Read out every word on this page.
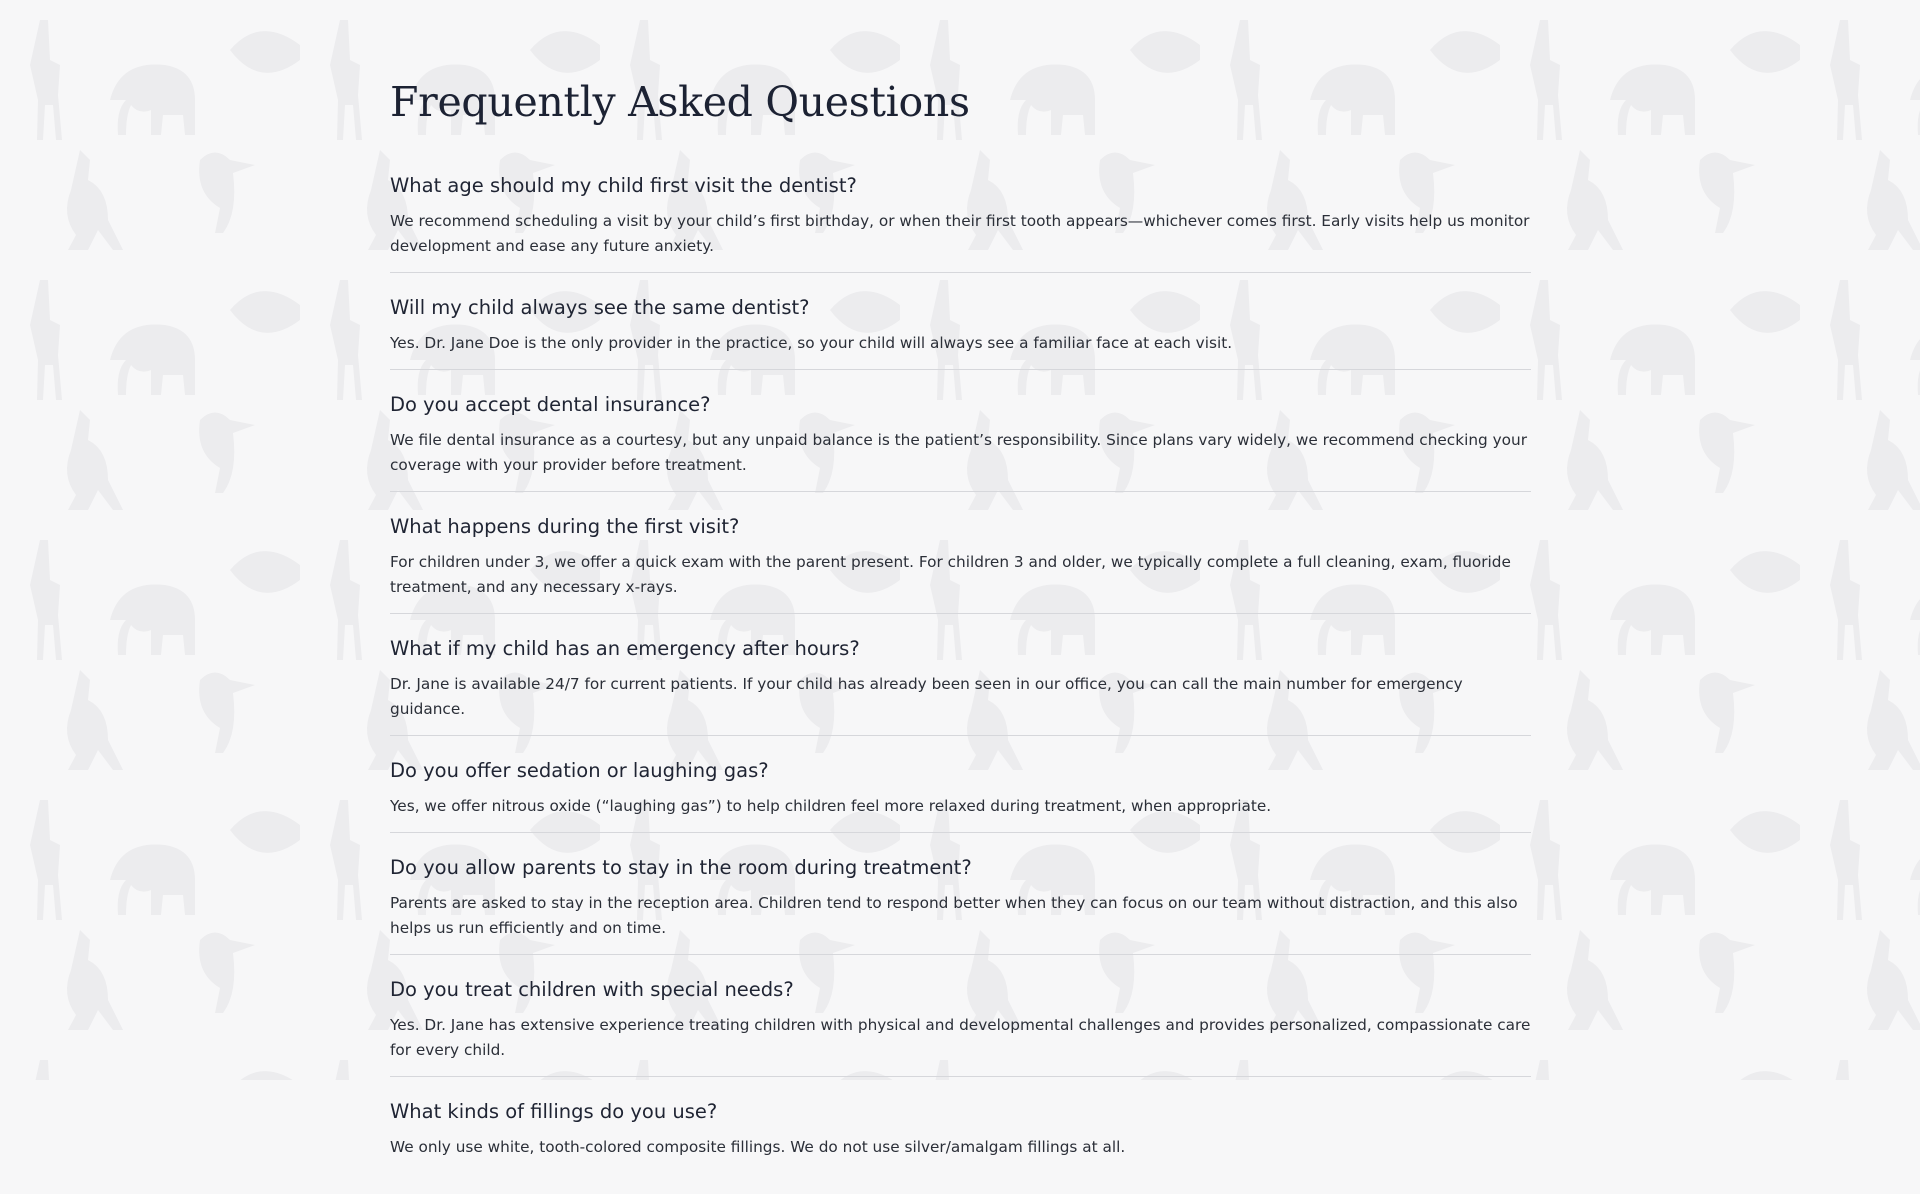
Frequently Asked Questions
What age should my child first visit the dentist?

We recommend scheduling a visit by your child’s first birthday, or when their first tooth appears—whichever comes first. Early visits help us monitor development and ease any future anxiety.

Will my child always see the same dentist?

Yes. Dr. Jane Doe is the only provider in the practice, so your child will always see a familiar face at each visit.

Do you accept dental insurance?

We file dental insurance as a courtesy, but any unpaid balance is the patient’s responsibility. Since plans vary widely, we recommend checking your coverage with your provider before treatment.

What happens during the first visit?

For children under 3, we offer a quick exam with the parent present. For children 3 and older, we typically complete a full cleaning, exam, fluoride treatment, and any necessary x-rays.

What if my child has an emergency after hours?

Dr. Jane is available 24/7 for current patients. If your child has already been seen in our office, you can call the main number for emergency guidance.

Do you offer sedation or laughing gas?

Yes, we offer nitrous oxide (“laughing gas”) to help children feel more relaxed during treatment, when appropriate.

Do you allow parents to stay in the room during treatment?

Parents are asked to stay in the reception area. Children tend to respond better when they can focus on our team without distraction, and this also helps us run efficiently and on time.

Do you treat children with special needs?

Yes. Dr. Jane has extensive experience treating children with physical and developmental challenges and provides personalized, compassionate care for every child.

What kinds of fillings do you use?

We only use white, tooth-colored composite fillings. We do not use silver/amalgam fillings at all.
